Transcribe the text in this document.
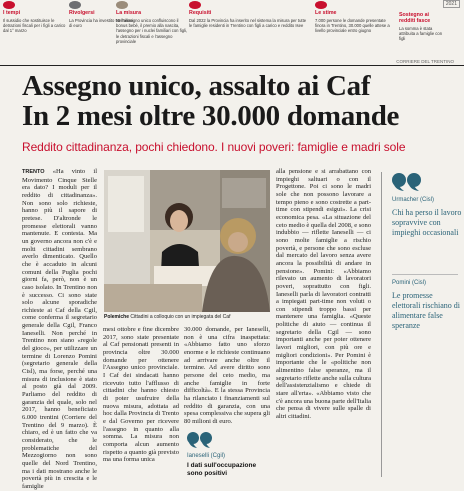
I tempi
Il sussidio che sostituisce le detrazioni fiscali per i figli a carico dal 1° marzo
Rivolgersi
La Provincia ha investito 50 milioni di euro
La misura
Nell'assegno unico confluiscono il bonus bebè, il premio alla nascita, l'assegno per i nuclei familiari con figli, le detrazioni fiscali e l'assegno provinciale
Requisiti
Dal 2022 la Provincia ha inserito nel sistema la misura per tutte le famiglie residenti in Trentino con figli a carico e reddito Isee
Le stime
7.000 persone le domande presentate finora in Trentino, 30.000 quelle attese a livello provinciale entro giugno
Sostegno ai redditi fasce
La somma è stata attribuita a famiglie con figli
2021
CORRIERE DEL TRENTINO
Assegno unico, assalto ai Caf
In 2 mesi oltre 30.000 domande
Reddito cittadinanza, pochi chiedono. I nuovi poveri: famiglie e madri sole
TRENTO «Ha vinto il Movimento Cinque Stelle era dato? I moduli per il reddito di cittadinanza». Non sono solo richieste, hanno più il sapore di pretese. D'altronde le promesse elettorali vanno mantenute. E contesta. Ma un governo ancora non c'è e molti cittadini sembrano averlo dimenticato. Quello che è accaduto in alcuni comuni della Puglia pochi giorni fa, però, non è un caso isolato. In Trentino non è successo. Ci sono state solo alcune sporadiche richieste ai Caf della Cgil, come conferma il segretario generale della Cgil, Franco Ianeselli. Non perché in Trentino non siano «regole del gioco», per utilizzare un termine di Lorenzo Pomini (segretario generale della Cisl), ma forse, perché una misura di inclusione è stato al posto già dal 2009. Parliamo del reddito di garanzia del quale, solo nel 2017, hanno beneficiato 6.000 trentini (Corriere del Trentino del 9 marzo). È chiaro, ed è un fatto che va considerato, che le problematiche del Mezzogiorno non sono quelle del Nord Trentino, ma i dati mostrano anche le povertà più in crescita e le famiglie
Polemiche Cittadini a colloquio con un impiegata del Caf
mesi ottobre e fine dicembre 2017, sono state presentate al Caf pensionati presenti in provincia oltre 30.000 domande per ottenere l'Assegno unico provinciale. I Caf dei sindacati hanno ricevuto tutto l'afflusso di cittadini che hanno chiesto di poter usufruire della nuova misura, adottata ad hoc dalla Provincia di Trento e dal Governo per ricevere l'assegno in quanto alla somma. La misura non comporta alcun aumento rispetto a quanto già previsto ma una forma unica
30.000 domande, per Ianeselli, non è una cifra inaspettata: «Abbiamo fatto uno sforzo enorme e le richieste continuano ad arrivare anche oltre il termine. Ad avere diritto sono persone del ceto medio, ma anche famiglie in forte difficoltà». E la stessa Provincia ha rilanciato i finanziamenti sul reddito di garanzia, con una spesa complessiva che supera gli 80 milioni di euro.
Ianeselli (Cgil)
I dati sull'occupazione sono positivi
alla pensione e si arrabattano con impieghi saltuari o con il Progettone. Poi ci sono le madri sole che non possono lavorare a tempo pieno e sono costrette a part-time con stipendi esigui». La crisi economica pesa. «La situazione del ceto medio è quella del 2008, e sono indubbio — riflette Ianeselli — ci sono molte famiglie a rischio povertà, e persone che sono escluse dal mercato del lavoro senza avere ancora la possibilità di andare in pensione». Pomini: «Abbiamo rilevato un aumento di lavoratori poveri, soprattutto con figli. Ianeselli parla di lavoratori contratti a impiegati part-time non voluti o con stipendi troppo bassi per mantenere una famiglia. «Queste politiche di aiuto — continua il segretario della Cgil — sono importanti anche per poter ottenere lavori migliori, con più ore e migliori condizioni». Per Pomini è importante che le «politiche non alimentino false speranze, ma il segretario riflette anche sulla cultura dell'assistenzialismo e chiede di stare all'erta». «Abbiamo visto che c'è ancora una buona parte dell'Italia che pensa di vivere sulle spalle di altri cittadini.
Urmacher (Cisl)
Chi ha perso il lavoro sopravvive con impieghi occasionali
Pomini (Cisl)
Le promesse elettorali rischiano di alimentare false speranze
